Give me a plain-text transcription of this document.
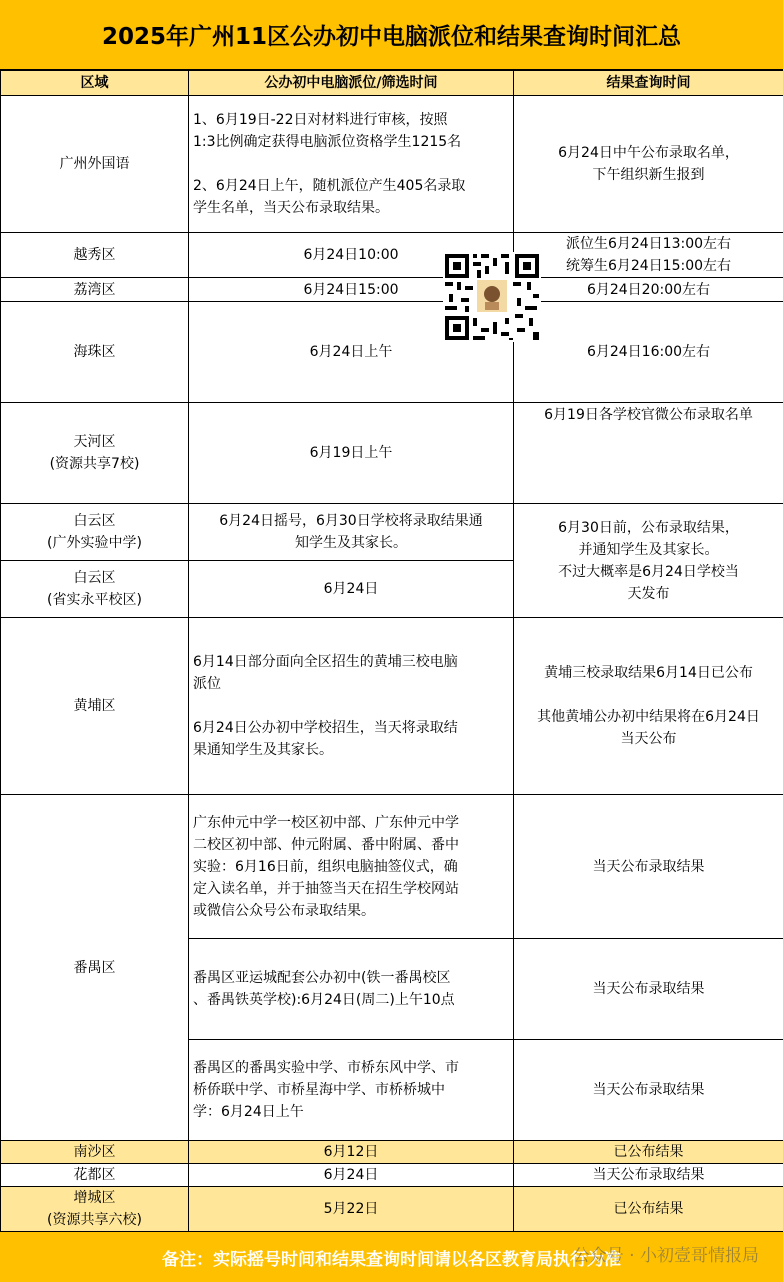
2025年广州11区公办初中电脑派位和结果查询时间汇总
区域	公办初中电脑派位/筛选时间	结果查询时间
广州外国语	1、6月19日-22日对材料进行审核，按照
1:3比例确定获得电脑派位资格学生1215名

2、6月24日上午，随机派位产生405名录取
学生名单，当天公布录取结果。	6月24日中午公布录取名单，
下午组织新生报到
越秀区	6月24日10:00	派位生6月24日13:00左右
统筹生6月24日15:00左右
荔湾区	6月24日15:00	6月24日20:00左右
海珠区	6月24日上午	6月24日16:00左右
天河区
(资源共享7校)	6月19日上午	6月19日各学校官微公布录取名单
白云区
(广外实验中学)	6月24日摇号，6月30日学校将录取结果通
知学生及其家长。	6月30日前，公布录取结果，
并通知学生及其家长。
不过大概率是6月24日学校当
天发布
白云区
(省实永平校区)	6月24日	
黄埔区	6月14日部分面向全区招生的黄埔三校电脑
派位

6月24日公办初中学校招生，当天将录取结
果通知学生及其家长。	黄埔三校录取结果6月14日已公布

其他黄埔公办初中结果将在6月24日
当天公布
番禺区	广东仲元中学一校区初中部、广东仲元中学
二校区初中部、仲元附属、番中附属、番中
实验：6月16日前，组织电脑抽签仪式，确
定入读名单，并于抽签当天在招生学校网站
或微信公众号公布录取结果。	当天公布录取结果
	番禺区亚运城配套公办初中(铁一番禺校区
、番禺铁英学校):6月24日(周二)上午10点	当天公布录取结果
	番禺区的番禺实验中学、市桥东风中学、市
桥侨联中学、市桥星海中学、市桥桥城中
学：6月24日上午	当天公布录取结果
南沙区	6月12日	已公布结果
花都区	6月24日	当天公布录取结果
增城区
(资源共享六校)	5月22日	已公布结果
备注：实际摇号时间和结果查询时间请以各区教育局执行为准
公众号 · 小初壹哥情报局
